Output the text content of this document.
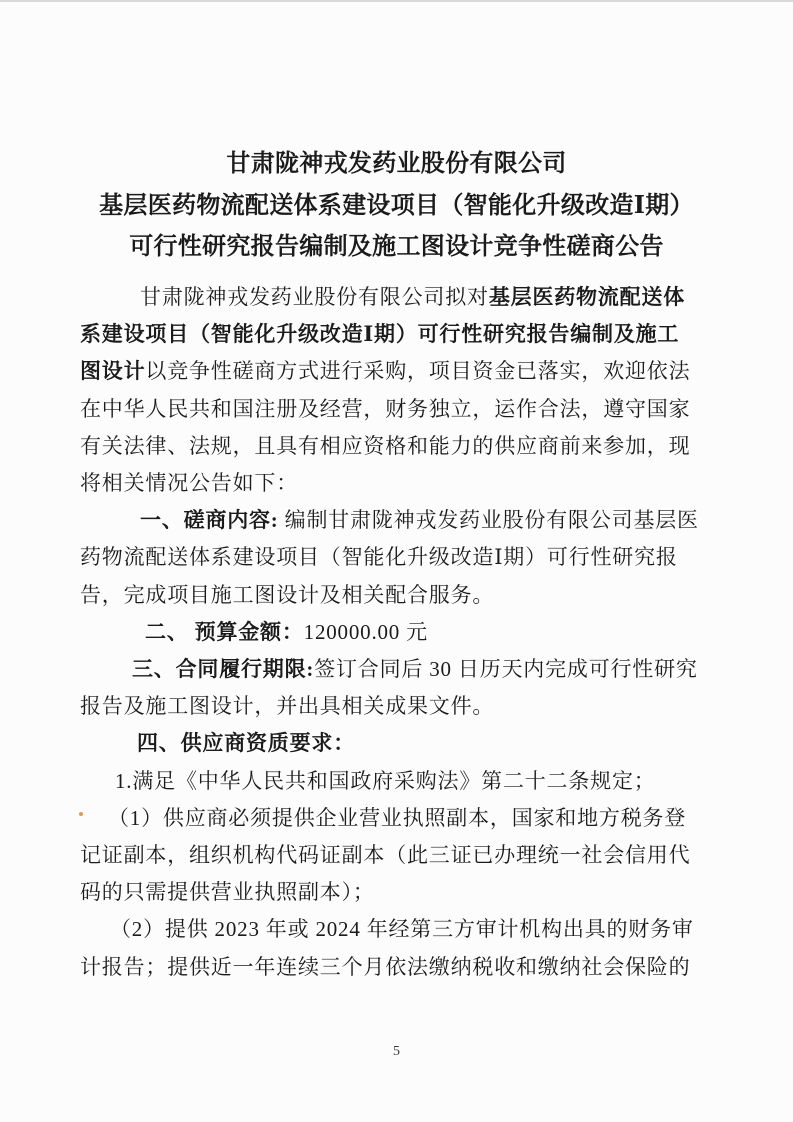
甘肃陇神戎发药业股份有限公司
基层医药物流配送体系建设项目（智能化升级改造Ⅰ期）
可行性研究报告编制及施工图设计竞争性磋商公告
甘肃陇神戎发药业股份有限公司拟对基层医药物流配送体
系建设项目（智能化升级改造Ⅰ期）可行性研究报告编制及施工
图设计以竞争性磋商方式进行采购，项目资金已落实，欢迎依法
在中华人民共和国注册及经营，财务独立，运作合法，遵守国家
有关法律、法规，且具有相应资格和能力的供应商前来参加，现
将相关情况公告如下：
一、磋商内容: 编制甘肃陇神戎发药业股份有限公司基层医
药物流配送体系建设项目（智能化升级改造Ⅰ期）可行性研究报
告，完成项目施工图设计及相关配合服务。
二、 预算金额：120000.00 元
三、合同履行期限:签订合同后 30 日历天内完成可行性研究
报告及施工图设计，并出具相关成果文件。
四、供应商资质要求：
1.满足《中华人民共和国政府采购法》第二十二条规定；
（1）供应商必须提供企业营业执照副本，国家和地方税务登
记证副本，组织机构代码证副本（此三证已办理统一社会信用代
码的只需提供营业执照副本）；
（2）提供 2023 年或 2024 年经第三方审计机构出具的财务审
计报告；提供近一年连续三个月依法缴纳税收和缴纳社会保险的
5
